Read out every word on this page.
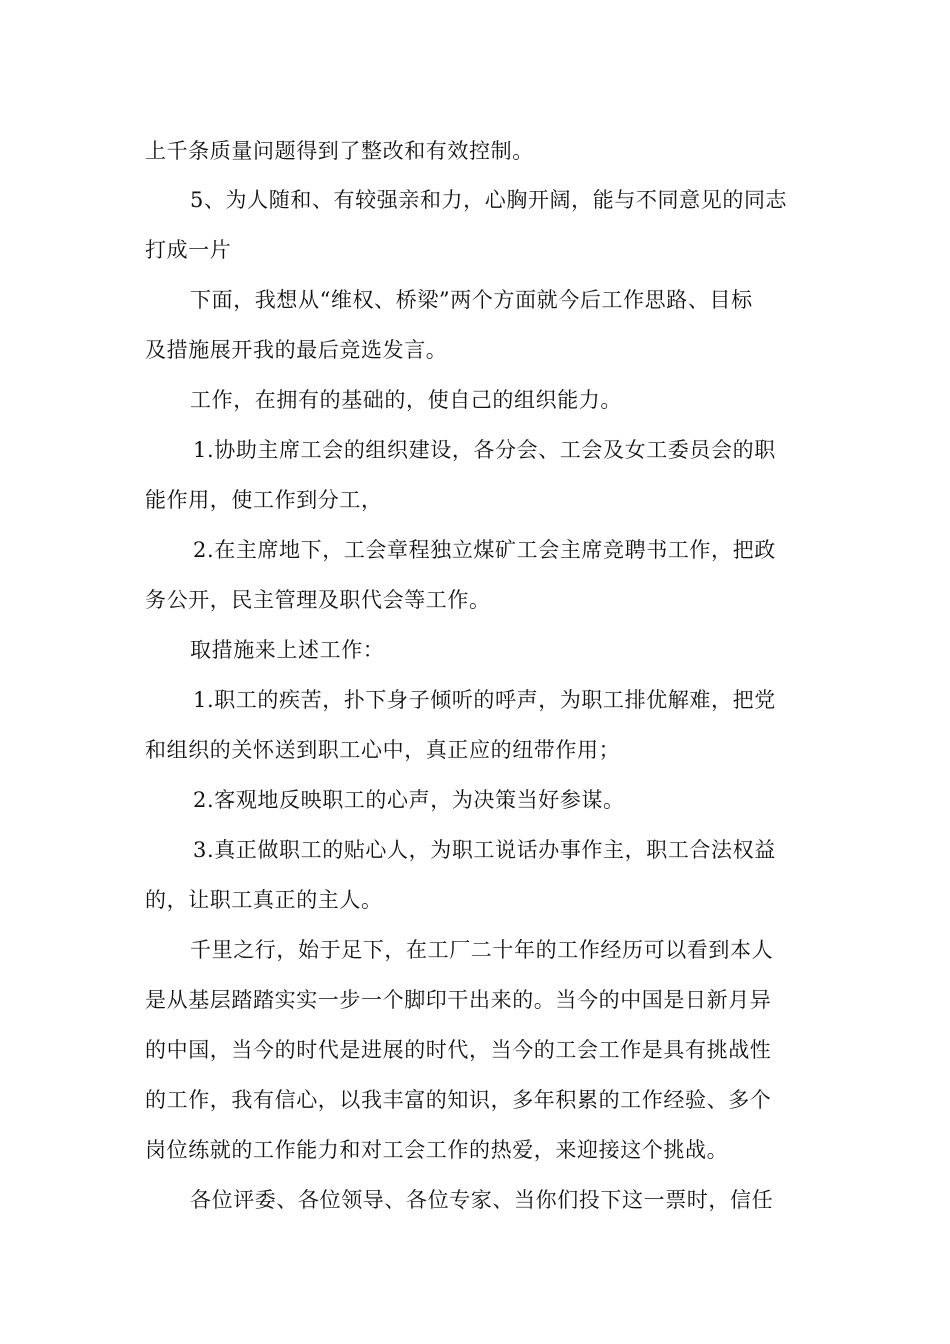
上千条质量问题得到了整改和有效控制。
5、为人随和、有较强亲和力，心胸开阔，能与不同意见的同志
打成一片
下面，我想从“维权、桥梁”两个方面就今后工作思路、目标
及措施展开我的最后竞选发言。
工作，在拥有的基础的，使自己的组织能力。
1.协助主席工会的组织建设，各分会、工会及女工委员会的职
能作用，使工作到分工，
2.在主席地下，工会章程独立煤矿工会主席竞聘书工作，把政
务公开，民主管理及职代会等工作。
取措施来上述工作：
1.职工的疾苦，扑下身子倾听的呼声，为职工排优解难，把党
和组织的关怀送到职工心中，真正应的纽带作用；
2.客观地反映职工的心声，为决策当好参谋。
3.真正做职工的贴心人，为职工说话办事作主，职工合法权益
的，让职工真正的主人。
千里之行，始于足下，在工厂二十年的工作经历可以看到本人
是从基层踏踏实实一步一个脚印干出来的。当今的中国是日新月异
的中国，当今的时代是进展的时代，当今的工会工作是具有挑战性
的工作，我有信心，以我丰富的知识，多年积累的工作经验、多个
岗位练就的工作能力和对工会工作的热爱，来迎接这个挑战。
各位评委、各位领导、各位专家、当你们投下这一票时，信任
